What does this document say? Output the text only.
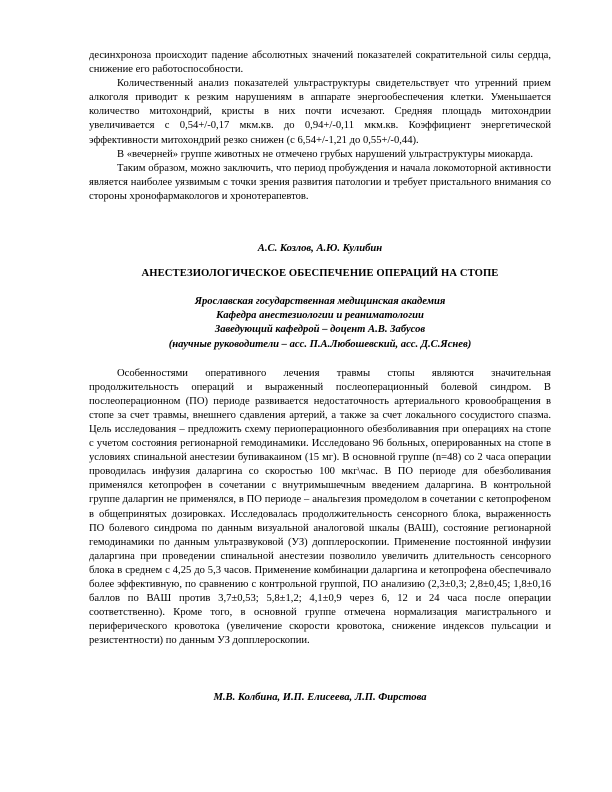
десинхроноза происходит падение абсолютных значений показателей сократительной силы сердца, снижение его работоспособности.

Количественный анализ показателей ультраструктуры свидетельствует что утренний прием алкоголя приводит к резким нарушениям в аппарате энергообеспечения клетки. Уменьшается количество митохондрий, кристы в них почти исчезают. Средняя площадь митохондрии увеличивается с 0,54+/-0,17 мкм.кв. до 0,94+/-0,11 мкм.кв. Коэффициент энергетической эффективности митохондрий резко снижен (с 6,54+/-1,21 до 0,55+/-0,44).

В «вечерней» группе животных не отмечено грубых нарушений ультраструктуры миокарда.

Таким образом, можно заключить, что период пробуждения и начала локомоторной активности является наиболее уязвимым с точки зрения развития патологии и требует пристального внимания со стороны хронофармакологов и хронотерапевтов.

А.С. Козлов, А.Ю. Кулибин
АНЕСТЕЗИОЛОГИЧЕСКОЕ ОБЕСПЕЧЕНИЕ ОПЕРАЦИЙ НА СТОПЕ
Ярославская государственная медицинская академия
Кафедра анестезиологии и реаниматологии
Заведующий кафедрой – доцент А.В. Забусов
(научные руководители – асс. П.А.Любошевский, асс. Д.С.Яснев)

Особенностями оперативного лечения травмы стопы являются значительная продолжительность операций и выраженный послеоперационный болевой синдром. В послеоперационном (ПО) периоде развивается недостаточность артериального кровообращения в стопе за счет травмы, внешнего сдавления артерий, а также за счет локального сосудистого спазма. Цель исследования – предложить схему периоперационного обезболивавния при операциях на стопе с учетом состояния регионарной гемодинамики. Исследовано 96 больных, оперированных на стопе в условиях спинальной анестезии бупивакаином (15 мг). В основной группе (n=48) со 2 часа операции проводилась инфузия даларгина со скоростью 100 мкг\час. В ПО периоде для обезболивания применялся кетопрофен в сочетании с внутримышечным введением даларгина. В контрольной группе даларгин не применялся, в ПО периоде – анальгезия промедолом в сочетании с кетопрофеном в общепринятых дозировках. Исследовалась продолжительность сенсорного блока, выраженность ПО болевого синдрома по данным визуальной аналоговой шкалы (ВАШ), состояние регионарной гемодинамики по данным ультразвуковой (УЗ) допплероскопии. Применение постоянной инфузии даларгина при проведении спинальной анестезии позволило увеличить длительность сенсорного блока в среднем с 4,25 до 5,3 часов. Применение комбинации даларгина и кетопрофена обеспечивало более эффективную, по сравнению с контрольной группой, ПО анализию (2,3±0,3; 2,8±0,45; 1,8±0,16 баллов по ВАШ против 3,7±0,53; 5,8±1,2; 4,1±0,9 через 6, 12 и 24 часа после операции соответственно). Кроме того, в основной группе отмечена нормализация магистрального и периферического кровотока (увеличение скорости кровотока, снижение индексов пульсации и резистентности) по данным УЗ допплероскопии.

М.В. Колбина, И.П. Елисеева, Л.П. Фирстова
